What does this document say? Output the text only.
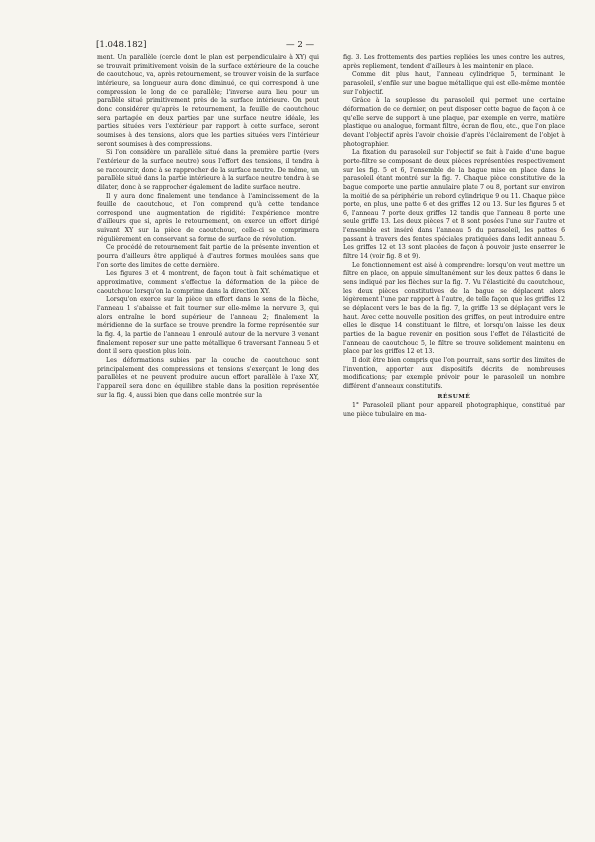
[1.048.182]	— 2 —

ment. Un parallèle (cercle dont le plan est perpendiculaire à XY) qui se trouvait primitivement voisin de la surface extérieure de la couche de caoutchouc, va, après retournement, se trouver voisin de la surface intérieure, sa longueur aura donc diminué, ce qui correspond à une compression le long de ce parallèle; l'inverse aura lieu pour un parallèle situé primitivement près de la surface intérieure. On peut donc considérer qu'après le retournement, la feuille de caoutchouc sera partagée en deux parties par une surface neutre idéale, les parties situées vers l'extérieur par rapport à cette surface, seront soumises à des tensions, alors que les parties situées vers l'intérieur seront soumises à des compressions.

Si l'on considère un parallèle situé dans la première partie (vers l'extérieur de la surface neutre) sous l'effort des tensions, il tendra à se raccourcir, donc à se rapprocher de la surface neutre. De même, un parallèle situé dans la partie intérieure à la surface neutre tendra à se dilater, donc à se rapprocher également de ladite surface neutre.

Il y aura donc finalement une tendance à l'amincissement de la feuille de caoutchouc, et l'on comprend qu'à cette tendance correspond une augmentation de rigidité: l'expérience montre d'ailleurs que si, après le retournement, on exerce un effort dirigé suivant XY sur la pièce de caoutchouc, celle-ci se comprimera régulièrement en conservant sa forme de surface de révolution.

Ce procédé de retournement fait partie de la présente invention et pourra d'ailleurs être appliqué à d'autres formes moulées sans que l'on sorte des limites de cette dernière.

Les figures 3 et 4 montrent, de façon tout à fait schématique et approximative, comment s'effectue la déformation de la pièce de caoutchouc lorsqu'on la comprime dans la direction XY.

Lorsqu'on exerce sur la pièce un effort dans le sens de la flèche, l'anneau 1 s'abaisse et fait tourner sur elle-même la nervure 3, qui alors entraîne le bord supérieur de l'anneau 2; finalement la méridienne de la surface se trouve prendre la forme représentée sur la fig. 4, la partie de l'anneau 1 enroulé autour de la nervure 3 venant finalement reposer sur une patte métallique 6 traversant l'anneau 5 et dont il sera question plus loin.

Les déformations subies par la couche de caoutchouc sont principalement des compressions et tensions s'exerçant le long des parallèles et ne peuvent produire aucun effort parallèle à l'axe XY, l'appareil sera donc en équilibre stable dans la position représentée sur la fig. 4, aussi bien que dans celle montrée sur la

fig. 3. Les frottements des parties repliées les unes contre les autres, après repliement, tendent d'ailleurs à les maintenir en place.

Comme dit plus haut, l'anneau cylindrique 5, terminant le parasoleil, s'enfile sur une bague métallique qui est elle-même montée sur l'objectif.

Grâce à la souplesse du parasoleil qui permet une certaine déformation de ce dernier, on peut disposer cette bague de façon à ce qu'elle serve de support à une plaque, par exemple en verre, matière plastique ou analogue, formant filtre, écran de flou, etc., que l'on place devant l'objectif après l'avoir choisie d'après l'éclairement de l'objet à photographier.

La fixation du parasoleil sur l'objectif se fait à l'aide d'une bague porte-filtre se composant de deux pièces représentées respectivement sur les fig. 5 et 6, l'ensemble de la bague mise en place dans le parasoleil étant montré sur la fig. 7. Chaque pièce constitutive de la bague comporte une partie annulaire plate 7 ou 8, portant sur environ la moitié de sa périphérie un rebord cylindrique 9 ou 11. Chaque pièce porte, en plus, une patte 6 et des griffes 12 ou 13. Sur les figures 5 et 6, l'anneau 7 porte deux griffes 12 tandis que l'anneau 8 porte une seule griffe 13. Les deux pièces 7 et 8 sont posées l'une sur l'autre et l'ensemble est inséré dans l'anneau 5 du parasoleil, les pattes 6 passant à travers des fentes spéciales pratiquées dans ledit anneau 5. Les griffes 12 et 13 sont placées de façon à pouvoir juste enserrer le filtre 14 (voir fig. 8 et 9).

Le fonctionnement est aisé à comprendre: lorsqu'on veut mettre un filtre en place, on appuie simultanément sur les deux pattes 6 dans le sens indiqué par les flèches sur la fig. 7. Vu l'élasticité du caoutchouc, les deux pièces constitutives de la bague se déplacent alors légèrement l'une par rapport à l'autre, de telle façon que les griffes 12 se déplacent vers le bas de la fig. 7, la griffe 13 se déplaçant vers le haut. Avec cette nouvelle position des griffes, on peut introduire entre elles le disque 14 constituant le filtre, et lorsqu'on laisse les deux parties de la bague revenir en position sous l'effet de l'élasticité de l'anneau de caoutchouc 5, le filtre se trouve solidement maintenu en place par les griffes 12 et 13.

Il doit être bien compris que l'on pourrait, sans sortir des limites de l'invention, apporter aux dispositifs décrits de nombreuses modifications; par exemple prévoir pour le parasoleil un nombre différent d'anneaux constitutifs.

RÉSUMÉ

1° Parasoleil pliant pour appareil photographique, constitué par une pièce tubulaire en ma-
